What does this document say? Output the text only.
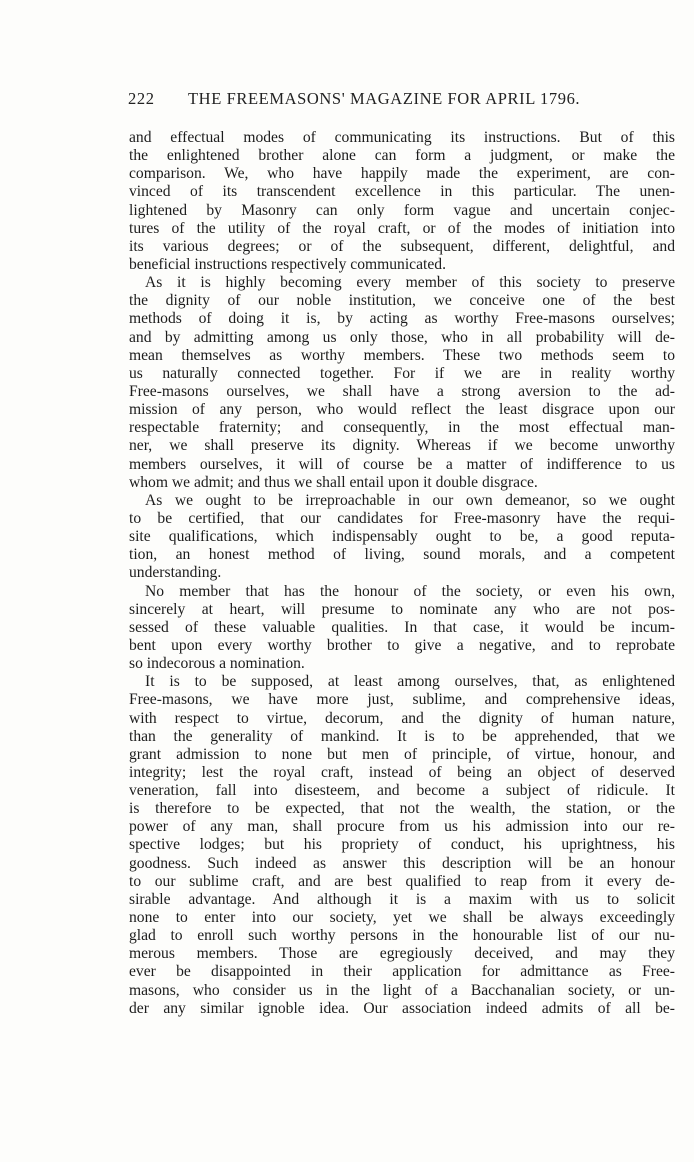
222 THE FREEMASONS' MAGAZINE FOR APRIL 1796.
and effectual modes of communicating its instructions. But of this
the enlightened brother alone can form a judgment, or make the
comparison. We, who have happily made the experiment, are con-
vinced of its transcendent excellence in this particular. The unen-
lightened by Masonry can only form vague and uncertain conjec-
tures of the utility of the royal craft, or of the modes of initiation into
its various degrees; or of the subsequent, different, delightful, and
beneficial instructions respectively communicated.
As it is highly becoming every member of this society to preserve
the dignity of our noble institution, we conceive one of the best
methods of doing it is, by acting as worthy Free-masons ourselves;
and by admitting among us only those, who in all probability will de-
mean themselves as worthy members. These two methods seem to
us naturally connected together. For if we are in reality worthy
Free-masons ourselves, we shall have a strong aversion to the ad-
mission of any person, who would reflect the least disgrace upon our
respectable fraternity; and consequently, in the most effectual man-
ner, we shall preserve its dignity. Whereas if we become unworthy
members ourselves, it will of course be a matter of indifference to us
whom we admit; and thus we shall entail upon it double disgrace.
As we ought to be irreproachable in our own demeanor, so we ought
to be certified, that our candidates for Free-masonry have the requi-
site qualifications, which indispensably ought to be, a good reputa-
tion, an honest method of living, sound morals, and a competent
understanding.
No member that has the honour of the society, or even his own,
sincerely at heart, will presume to nominate any who are not pos-
sessed of these valuable qualities. In that case, it would be incum-
bent upon every worthy brother to give a negative, and to reprobate
so indecorous a nomination.
It is to be supposed, at least among ourselves, that, as enlightened
Free-masons, we have more just, sublime, and comprehensive ideas,
with respect to virtue, decorum, and the dignity of human nature,
than the generality of mankind. It is to be apprehended, that we
grant admission to none but men of principle, of virtue, honour, and
integrity; lest the royal craft, instead of being an object of deserved
veneration, fall into disesteem, and become a subject of ridicule. It
is therefore to be expected, that not the wealth, the station, or the
power of any man, shall procure from us his admission into our re-
spective lodges; but his propriety of conduct, his uprightness, his
goodness. Such indeed as answer this description will be an honour
to our sublime craft, and are best qualified to reap from it every de-
sirable advantage. And although it is a maxim with us to solicit
none to enter into our society, yet we shall be always exceedingly
glad to enroll such worthy persons in the honourable list of our nu-
merous members. Those are egregiously deceived, and may they
ever be disappointed in their application for admittance as Free-
masons, who consider us in the light of a Bacchanalian society, or un-
der any similar ignoble idea. Our association indeed admits of all be-
